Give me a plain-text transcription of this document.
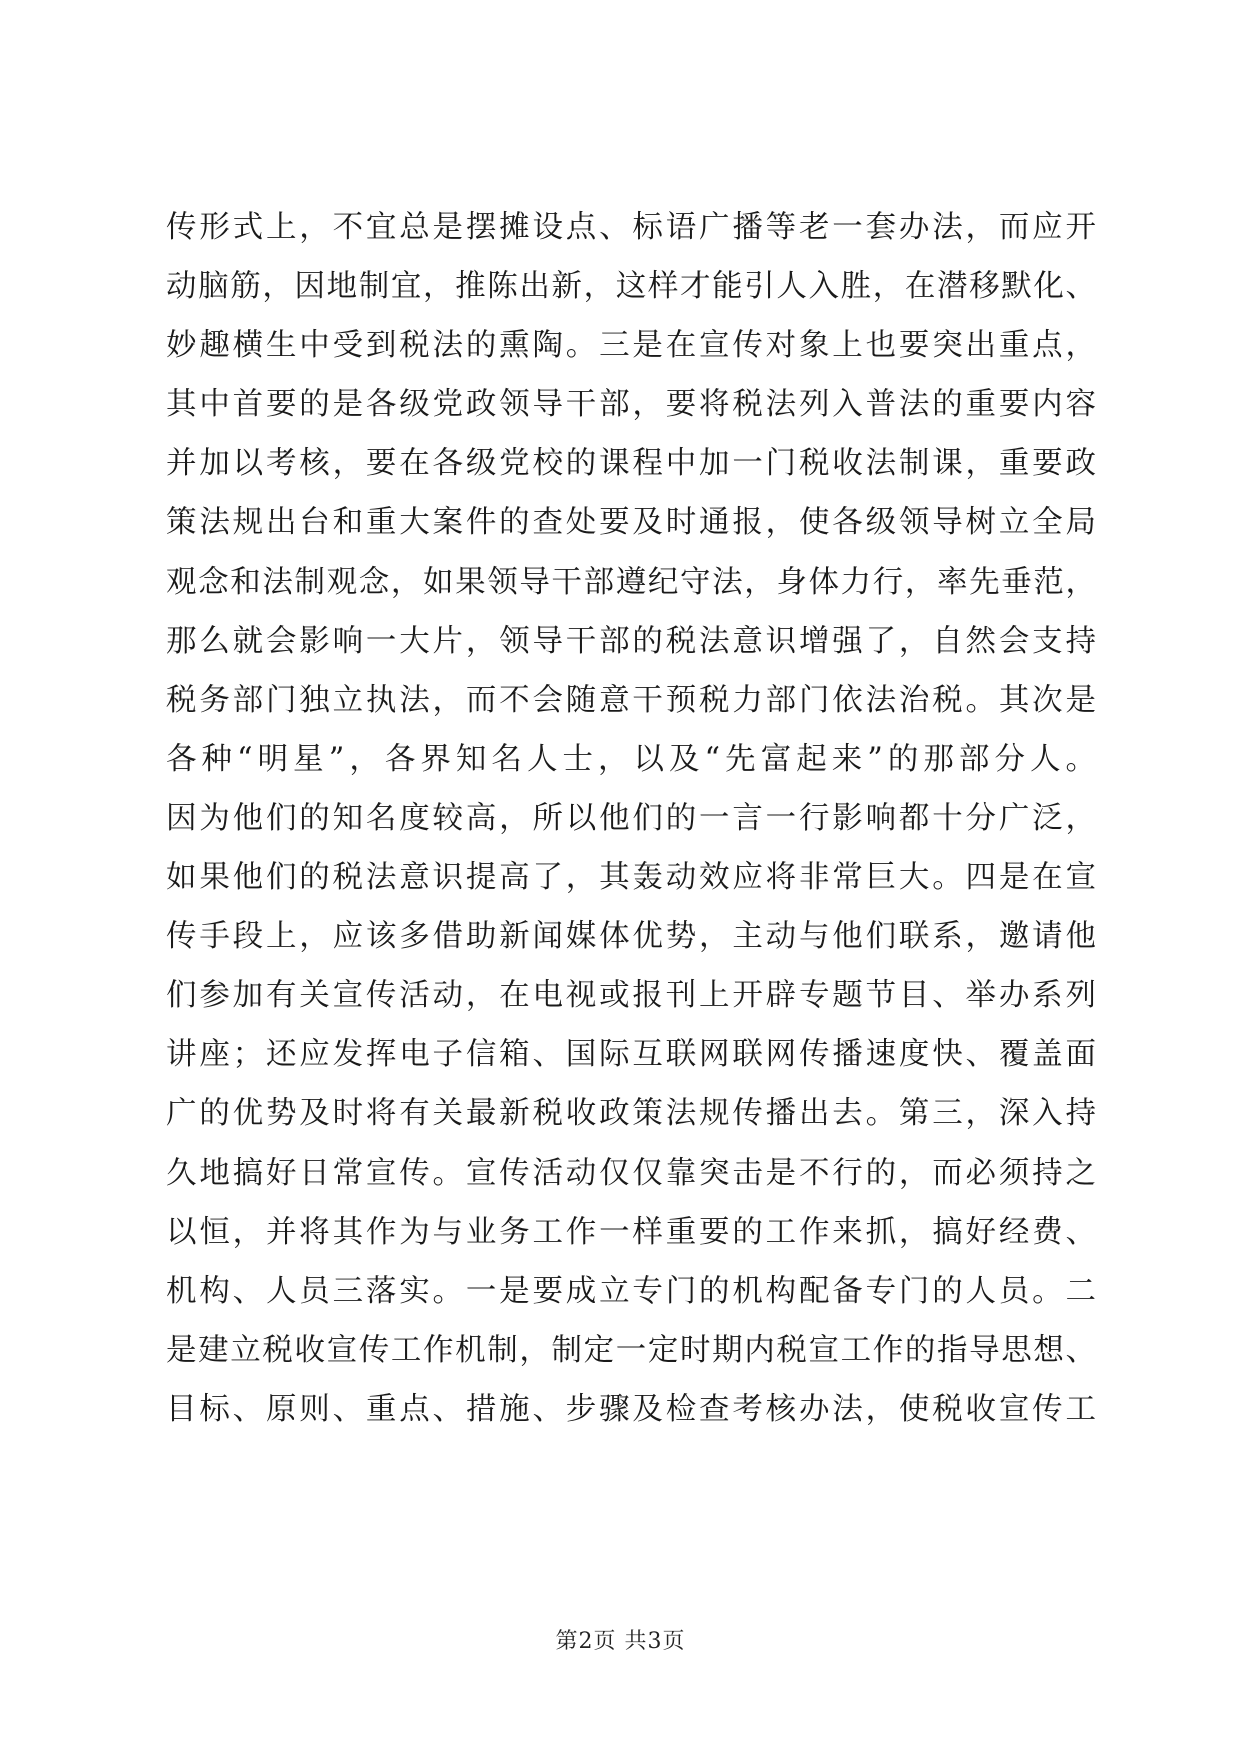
传形式上，不宜总是摆摊设点、标语广播等老一套办法，而应开
动脑筋，因地制宜，推陈出新，这样才能引人入胜，在潜移默化、
妙趣横生中受到税法的熏陶。三是在宣传对象上也要突出重点，
其中首要的是各级党政领导干部，要将税法列入普法的重要内容
并加以考核，要在各级党校的课程中加一门税收法制课，重要政
策法规出台和重大案件的查处要及时通报，使各级领导树立全局
观念和法制观念，如果领导干部遵纪守法，身体力行，率先垂范，
那么就会影响一大片，领导干部的税法意识增强了，自然会支持
税务部门独立执法，而不会随意干预税力部门依法治税。其次是
各种“明星”，各界知名人士，以及“先富起来”的那部分人。
因为他们的知名度较高，所以他们的一言一行影响都十分广泛，
如果他们的税法意识提高了，其轰动效应将非常巨大。四是在宣
传手段上，应该多借助新闻媒体优势，主动与他们联系，邀请他
们参加有关宣传活动，在电视或报刊上开辟专题节目、举办系列
讲座；还应发挥电子信箱、国际互联网联网传播速度快、覆盖面
广的优势及时将有关最新税收政策法规传播出去。第三，深入持
久地搞好日常宣传。宣传活动仅仅靠突击是不行的，而必须持之
以恒，并将其作为与业务工作一样重要的工作来抓，搞好经费、
机构、人员三落实。一是要成立专门的机构配备专门的人员。二
是建立税收宣传工作机制，制定一定时期内税宣工作的指导思想、
目标、原则、重点、措施、步骤及检查考核办法，使税收宣传工
第2页 共3页
